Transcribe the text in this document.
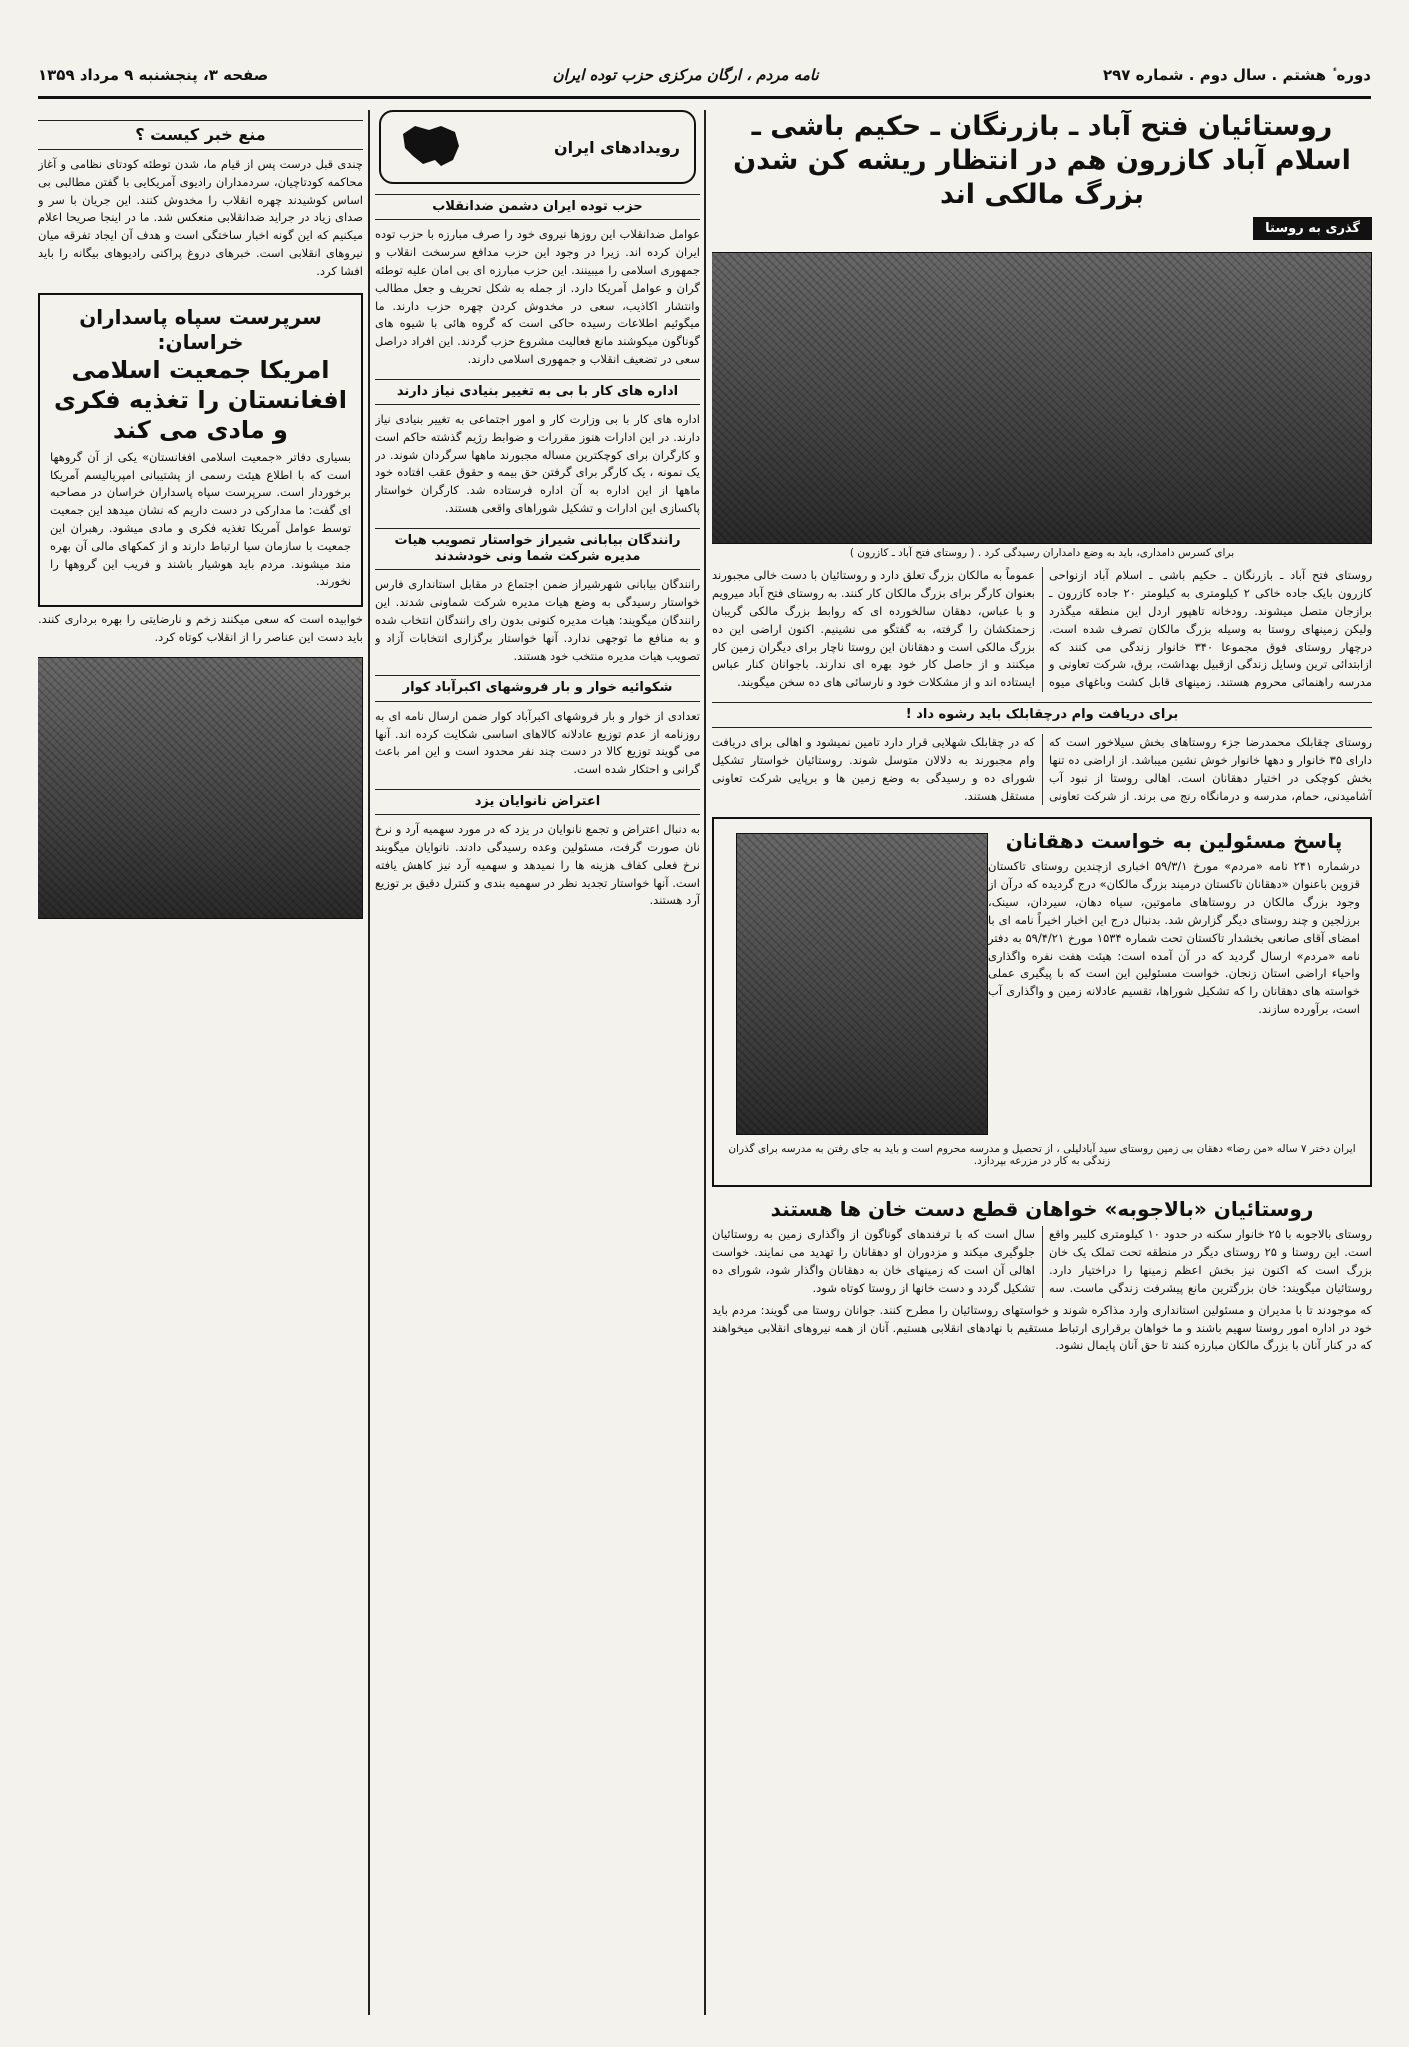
دوره ٔ هشتم . سال دوم . شماره ۲۹۷
نامه مردم ، ارگان مرکزی حزب توده ایران
صفحه ۳، پنجشنبه ۹ مرداد ۱۳۵۹
روستائیان فتح آباد ـ بازرنگان ـ حکیم باشی ـ اسلام آباد کازرون هم در انتظار ریشه کن شدن بزرگ مالکی اند
گذری به روستا

برای کسرس دامداری، باید به وضع دامداران رسیدگی کرد . ( روستای فتح آباد ـ کازرون )

روستای فتح آباد ـ بازرنگان ـ حکیم باشی ـ اسلام آباد ازنواحی کازرون بایک جاده خاکی ۲ کیلومتری به کیلومتر ۲۰ جاده کازرون ـ برازجان متصل میشوند. رودخانه تاهپور اردل این منطقه میگذرد ولیکن زمینهای روستا به وسیله بزرگ مالکان تصرف شده است. درچهار روستای فوق مجموعا ۳۴۰ خانوار زندگی می کنند که ازابتدائی ترین وسایل زندگی ازقبیل بهداشت، برق، شرکت تعاونی و مدرسه راهنمائی محروم هستند. زمینهای قابل کشت وباغهای میوه عموماً به مالکان بزرگ تعلق دارد و روستائیان با دست خالی مجبورند بعنوان کارگر برای بزرگ مالکان کار کنند. به روستای فتح آباد میرویم و با عباس، دهقان سالخورده ای که روابط بزرگ مالکی گریبان زحمتکشان را گرفته، به گفتگو می نشینیم. اکنون اراضی این ده بزرگ مالکی است و دهقانان این روستا ناچار برای دیگران زمین کار میکنند و از حاصل کار خود بهره ای ندارند. باجوانان کنار عباس ایستاده اند و از مشکلات خود و نارسائی های ده سخن میگویند.

برای دریافت وام درچقابلک باید رشوه داد !

روستای چقابلک محمدرضا جزء روستاهای بخش سیلاخور است که دارای ۳۵ خانوار و دهها خانوار خوش نشین میباشد. از اراضی ده تنها بخش کوچکی در اختیار دهقانان است. اهالی روستا از نبود آب آشامیدنی، حمام، مدرسه و درمانگاه رنج می برند. از شرکت تعاونی که در چقابلک شهلایی قرار دارد تامین نمیشود و اهالی برای دریافت وام مجبورند به دلالان متوسل شوند. روستائیان خواستار تشکیل شورای ده و رسیدگی به وضع زمین ها و برپایی شرکت تعاونی مستقل هستند.

پاسخ مسئولین به خواست دهقانان

درشماره ۲۴۱ نامه «مردم» مورخ ۵۹/۳/۱ اخباری ازچندین روستای تاکستان قزوین باعنوان «دهقانان تاکستان درمیند بزرگ مالکان» درج گردیده که درآن از وجود بزرگ مالکان در روستاهای ماموتین، سیاه دهان، سیردان، سینک، برزلجین و چند روستای دیگر گزارش شد. بدنبال درج این اخبار اخیراً نامه ای با امضای آقای صانعی بخشدار تاکستان تحت شماره ۱۵۳۴ مورخ ۵۹/۴/۲۱ به دفتر نامه «مردم» ارسال گردید که در آن آمده است: هیئت هفت نفره واگذاری واحیاء اراضی استان زنجان. خواست مسئولین این است که با پیگیری عملی خواسته های دهقانان را که تشکیل شوراها، تقسیم عادلانه زمین و واگذاری آب است، برآورده سازند.

ایران دختر ۷ ساله «من رضا» دهقان بی زمین روستای سید آبادلیلی ، از تحصیل و مدرسه محروم است و باید به جای رفتن به مدرسه برای گذران زندگی به کار در مزرعه بپردازد.

روستائیان «بالاجوبه» خواهان قطع دست خان ها هستند

روستای بالاجوبه با ۲۵ خانوار سکنه در حدود ۱۰ کیلومتری کلیبر واقع است. این روستا و ۲۵ روستای دیگر در منطقه تحت تملک یک خان بزرگ است که اکنون نیز بخش اعظم زمینها را دراختیار دارد. روستائیان میگویند: خان بزرگترین مانع پیشرفت زندگی ماست. سه سال است که با ترفندهای گوناگون از واگذاری زمین به روستائیان جلوگیری میکند و مزدوران او دهقانان را تهدید می نمایند. خواست اهالی آن است که زمینهای خان به دهقانان واگذار شود، شورای ده تشکیل گردد و دست خانها از روستا کوتاه شود.

که موجودند تا با مدیران و مسئولین استانداری وارد مذاکره شوند و خواستهای روستائیان را مطرح کنند. جوانان روستا می گویند: مردم باید خود در اداره امور روستا سهیم باشند و ما خواهان برقراری ارتباط مستقیم با نهادهای انقلابی هستیم. آنان از همه نیروهای انقلابی میخواهند که در کنار آنان با بزرگ مالکان مبارزه کنند تا حق آنان پایمال نشود.

رویدادهای ایران
حزب توده ایران دشمن ضدانقلاب

عوامل ضدانقلاب این روزها نیروی خود را صرف مبارزه با حزب توده ایران کرده اند. زیرا در وجود این حزب مدافع سرسخت انقلاب و جمهوری اسلامی را میبینند. این حزب مبارزه ای بی امان علیه توطئه گران و عوامل آمریکا دارد. از جمله به شکل تحریف و جعل مطالب وانتشار اکاذیب، سعی در مخدوش کردن چهره حزب دارند. ما میگوئیم اطلاعات رسیده حاکی است که گروه هائی با شیوه های گوناگون میکوشند مانع فعالیت مشروع حزب گردند. این افراد دراصل سعی در تضعیف انقلاب و جمهوری اسلامی دارند.

اداره های کار با بی به تغییر بنیادی نیاز دارند

اداره های کار با بی وزارت کار و امور اجتماعی به تغییر بنیادی نیاز دارند. در این ادارات هنوز مقررات و ضوابط رژیم گذشته حاکم است و کارگران برای کوچکترین مساله مجبورند ماهها سرگردان شوند. در یک نمونه ، یک کارگر برای گرفتن حق بیمه و حقوق عقب افتاده خود ماهها از این اداره به آن اداره فرستاده شد. کارگران خواستار پاکسازی این ادارات و تشکیل شوراهای واقعی هستند.

رانندگان بیابانی شیراز خواستار تصویب هیات مدیره شرکت شما ونی خودشدند

رانندگان بیابانی شهرشیراز ضمن اجتماع در مقابل استانداری فارس خواستار رسیدگی به وضع هیات مدیره شرکت شماونی شدند. این رانندگان میگویند: هیات مدیره کنونی بدون رای رانندگان انتخاب شده و به منافع ما توجهی ندارد. آنها خواستار برگزاری انتخابات آزاد و تصویب هیات مدیره منتخب خود هستند.

شکوائیه خوار و بار فروشهای اکبرآباد کوار

تعدادی از خوار و بار فروشهای اکبرآباد کوار ضمن ارسال نامه ای به روزنامه از عدم توزیع عادلانه کالاهای اساسی شکایت کرده اند. آنها می گویند توزیع کالا در دست چند نفر محدود است و این امر باعث گرانی و احتکار شده است.

اعتراض نانوایان یزد

به دنبال اعتراض و تجمع نانوایان در یزد که در مورد سهمیه آرد و نرخ نان صورت گرفت، مسئولین وعده رسیدگی دادند. نانوایان میگویند نرخ فعلی کفاف هزینه ها را نمیدهد و سهمیه آرد نیز کاهش یافته است. آنها خواستار تجدید نظر در سهمیه بندی و کنترل دقیق بر توزیع آرد هستند.

منع خبر کیست ؟

چندی قبل درست پس از قیام ما، شدن توطئه کودتای نظامی و آغاز محاکمه کودتاچیان، سردمداران رادیوی آمریکایی با گفتن مطالبی بی اساس کوشیدند چهره انقلاب را مخدوش کنند. این جریان با سر و صدای زیاد در جراید ضدانقلابی منعکس شد. ما در اینجا صریحا اعلام میکنیم که این گونه اخبار ساختگی است و هدف آن ایجاد تفرقه میان نیروهای انقلابی است. خبرهای دروغ پراکنی رادیوهای بیگانه را باید افشا کرد.

سرپرست سپاه پاسداران خراسان:
امریکا جمعیت اسلامی افغانستان را تغذیه فکری و مادی می کند

بسیاری دفاتر «جمعیت اسلامی افغانستان» یکی از آن گروهها است که با اطلاع هیئت رسمی از پشتیبانی امپریالیسم آمریکا برخوردار است. سرپرست سپاه پاسداران خراسان در مصاحبه ای گفت: ما مدارکی در دست داریم که نشان میدهد این جمعیت توسط عوامل آمریکا تغذیه فکری و مادی میشود. رهبران این جمعیت با سازمان سیا ارتباط دارند و از کمکهای مالی آن بهره مند میشوند. مردم باید هوشیار باشند و فریب این گروهها را نخورند.

خوابیده است که سعی میکنند زخم و نارضایتی را بهره برداری کنند. باید دست این عناصر را از انقلاب کوتاه کرد.
